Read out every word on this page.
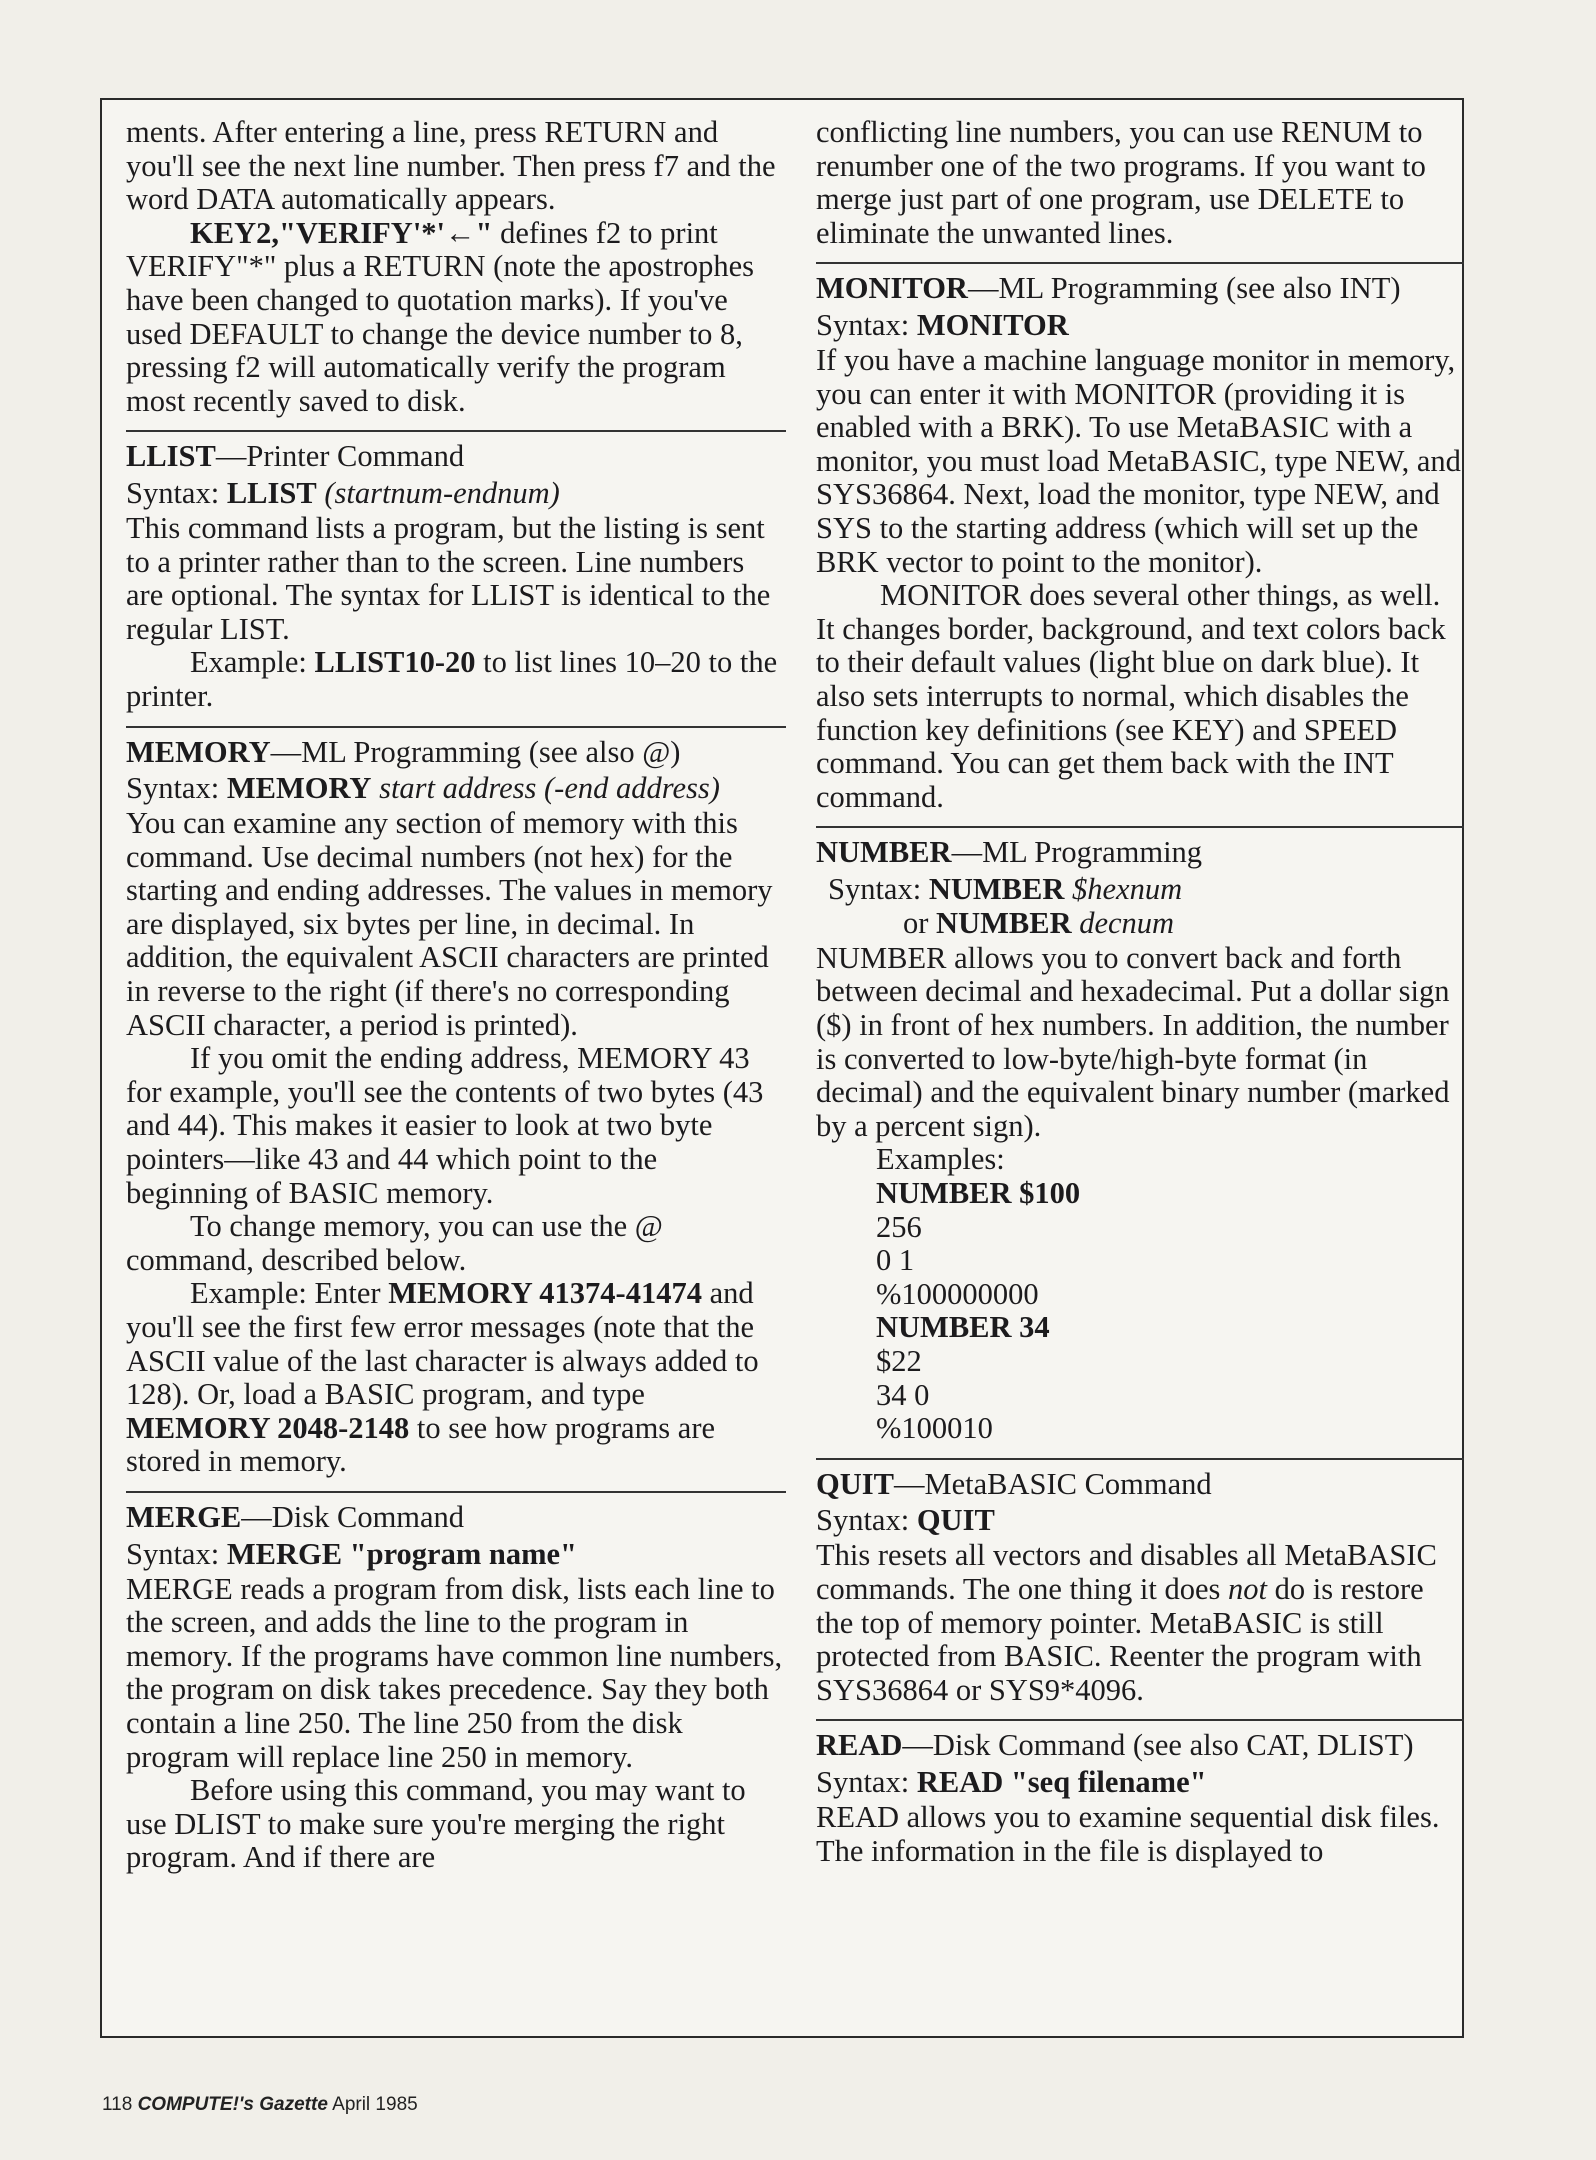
ments. After entering a line, press RETURN and you'll see the next line number. Then press f7 and the word DATA automatically appears.

KEY2,"VERIFY'*'←" defines f2 to print VERIFY"*" plus a RETURN (note the apostrophes have been changed to quotation marks). If you've used DEFAULT to change the device number to 8, pressing f2 will automatically verify the program most recently saved to disk.

LLIST—Printer Command
Syntax: LLIST (startnum-endnum)

This command lists a program, but the listing is sent to a printer rather than to the screen. Line numbers are optional. The syntax for LLIST is identical to the regular LIST.

Example: LLIST10-20 to list lines 10–20 to the printer.

MEMORY—ML Programming (see also @)
Syntax: MEMORY start address (-end address)

You can examine any section of memory with this command. Use decimal numbers (not hex) for the starting and ending addresses. The values in memory are displayed, six bytes per line, in decimal. In addition, the equivalent ASCII characters are printed in reverse to the right (if there's no corresponding ASCII character, a period is printed).

If you omit the ending address, MEMORY 43 for example, you'll see the contents of two bytes (43 and 44). This makes it easier to look at two byte pointers—like 43 and 44 which point to the beginning of BASIC memory.

To change memory, you can use the @ command, described below.

Example: Enter MEMORY 41374-41474 and you'll see the first few error messages (note that the ASCII value of the last character is always added to 128). Or, load a BASIC program, and type MEMORY 2048-2148 to see how programs are stored in memory.

MERGE—Disk Command
Syntax: MERGE "program name"

MERGE reads a program from disk, lists each line to the screen, and adds the line to the program in memory. If the programs have common line numbers, the program on disk takes precedence. Say they both contain a line 250. The line 250 from the disk program will replace line 250 in memory.

Before using this command, you may want to use DLIST to make sure you're merging the right program. And if there are

conflicting line numbers, you can use RENUM to renumber one of the two programs. If you want to merge just part of one program, use DELETE to eliminate the unwanted lines.

MONITOR—ML Programming (see also INT)
Syntax: MONITOR

If you have a machine language monitor in memory, you can enter it with MONITOR (providing it is enabled with a BRK). To use MetaBASIC with a monitor, you must load MetaBASIC, type NEW, and SYS36864. Next, load the monitor, type NEW, and SYS to the starting address (which will set up the BRK vector to point to the monitor).

MONITOR does several other things, as well. It changes border, background, and text colors back to their default values (light blue on dark blue). It also sets interrupts to normal, which disables the function key definitions (see KEY) and SPEED command. You can get them back with the INT command.

NUMBER—ML Programming
Syntax: NUMBER $hexnum
or NUMBER decnum

NUMBER allows you to convert back and forth between decimal and hexadecimal. Put a dollar sign ($) in front of hex numbers. In addition, the number is converted to low-byte/high-byte format (in decimal) and the equivalent binary number (marked by a percent sign).

Examples:
NUMBER $100
256
0 1
%100000000
NUMBER 34
$22
34 0
%100010
QUIT—MetaBASIC Command
Syntax: QUIT

This resets all vectors and disables all MetaBASIC commands. The one thing it does not do is restore the top of memory pointer. MetaBASIC is still protected from BASIC. Reenter the program with SYS36864 or SYS9*4096.

READ—Disk Command (see also CAT, DLIST)
Syntax: READ "seq filename"

READ allows you to examine sequential disk files. The information in the file is displayed to

118 COMPUTE!'s Gazette April 1985
